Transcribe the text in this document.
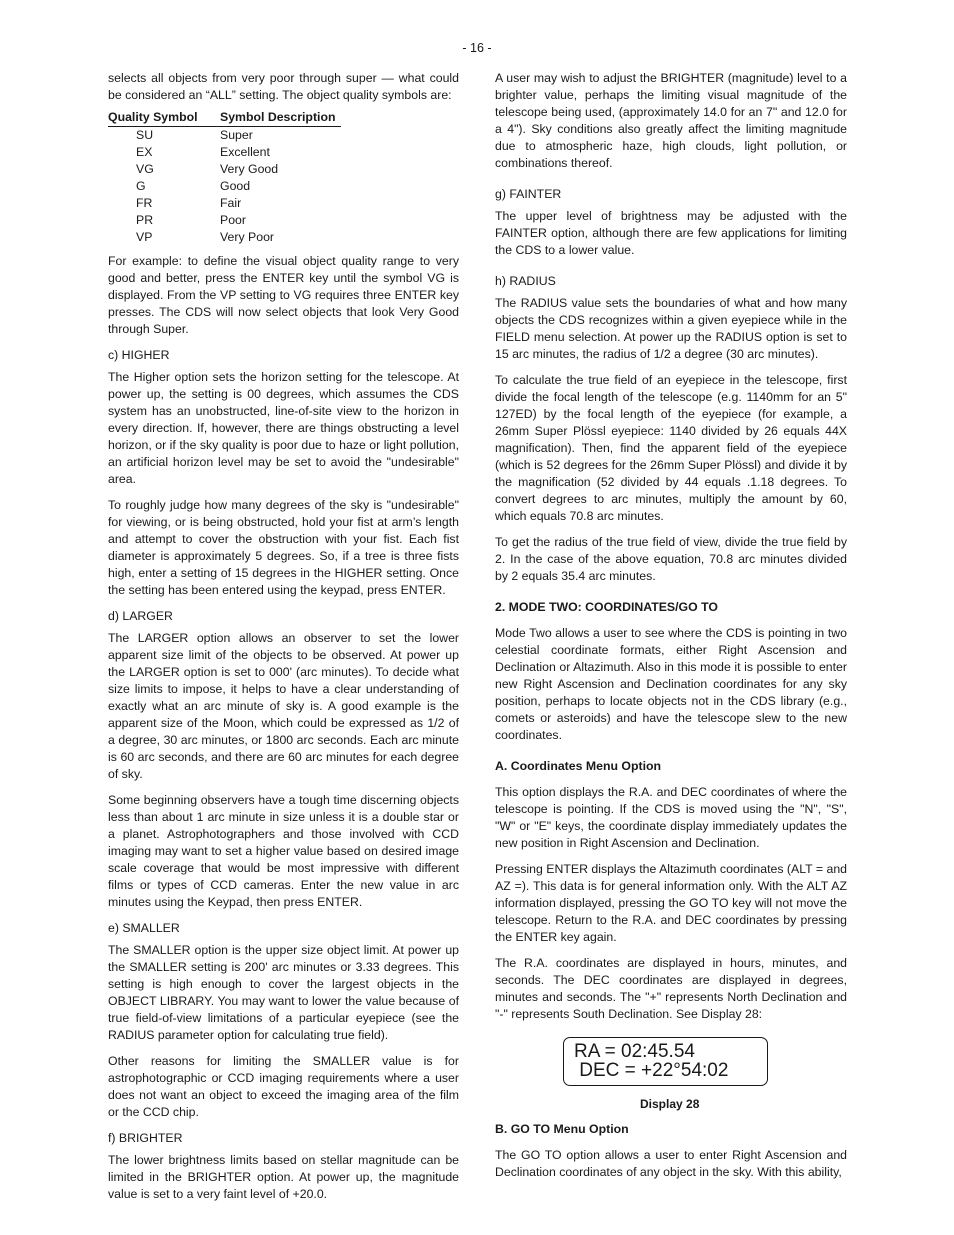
- 16 -

selects all objects from very poor through super — what could be considered an “ALL” setting. The object quality symbols are:

Quality Symbol	Symbol Description
SU	Super
EX	Excellent
VG	Very Good
G	Good
FR	Fair
PR	Poor
VP	Very Poor

For example: to define the visual object quality range to very good and better, press the ENTER key until the symbol VG is displayed. From the VP setting to VG requires three ENTER key presses. The CDS will now select objects that look Very Good through Super.

c) HIGHER

The Higher option sets the horizon setting for the telescope. At power up, the setting is 00 degrees, which assumes the CDS system has an unobstructed, line-of-site view to the horizon in every direction. If, however, there are things obstructing a level horizon, or if the sky quality is poor due to haze or light pollution, an artificial horizon level may be set to avoid the "undesirable" area.

To roughly judge how many degrees of the sky is "undesirable" for viewing, or is being obstructed, hold your fist at arm’s length and attempt to cover the obstruction with your fist. Each fist diameter is approximately 5 degrees. So, if a tree is three fists high, enter a setting of 15 degrees in the HIGHER setting. Once the setting has been entered using the keypad, press ENTER.

d) LARGER

The LARGER option allows an observer to set the lower apparent size limit of the objects to be observed. At power up the LARGER option is set to 000' (arc minutes). To decide what size limits to impose, it helps to have a clear understanding of exactly what an arc minute of sky is. A good example is the apparent size of the Moon, which could be expressed as 1/2 of a degree, 30 arc minutes, or 1800 arc seconds. Each arc minute is 60 arc seconds, and there are 60 arc minutes for each degree of sky.

Some beginning observers have a tough time discerning objects less than about 1 arc minute in size unless it is a double star or a planet. Astrophotographers and those involved with CCD imaging may want to set a higher value based on desired image scale coverage that would be most impressive with different films or types of CCD cameras. Enter the new value in arc minutes using the Keypad, then press ENTER.

e) SMALLER

The SMALLER option is the upper size object limit. At power up the SMALLER setting is 200' arc minutes or 3.33 degrees. This setting is high enough to cover the largest objects in the OBJECT LIBRARY. You may want to lower the value because of true field-of-view limitations of a particular eyepiece (see the RADIUS parameter option for calculating true field).

Other reasons for limiting the SMALLER value is for astrophotographic or CCD imaging requirements where a user does not want an object to exceed the imaging area of the film or the CCD chip.

f) BRIGHTER

The lower brightness limits based on stellar magnitude can be limited in the BRIGHTER option. At power up, the magnitude value is set to a very faint level of +20.0.

A user may wish to adjust the BRIGHTER (magnitude) level to a brighter value, perhaps the limiting visual magnitude of the telescope being used, (approximately 14.0 for an 7" and 12.0 for a 4"). Sky conditions also greatly affect the limiting magnitude due to atmospheric haze, high clouds, light pollution, or combinations thereof.

g) FAINTER

The upper level of brightness may be adjusted with the FAINTER option, although there are few applications for limiting the CDS to a lower value.

h) RADIUS

The RADIUS value sets the boundaries of what and how many objects the CDS recognizes within a given eyepiece while in the FIELD menu selection. At power up the RADIUS option is set to 15 arc minutes, the radius of 1/2 a degree (30 arc minutes).

To calculate the true field of an eyepiece in the telescope, first divide the focal length of the telescope (e.g. 1140mm for an 5" 127ED) by the focal length of the eyepiece (for example, a 26mm Super Plössl eyepiece: 1140 divided by 26 equals 44X magnification). Then, find the apparent field of the eyepiece (which is 52 degrees for the 26mm Super Plössl) and divide it by the magnification (52 divided by 44 equals .1.18 degrees. To convert degrees to arc minutes, multiply the amount by 60, which equals 70.8 arc minutes.

To get the radius of the true field of view, divide the true field by 2. In the case of the above equation, 70.8 arc minutes divided by 2 equals 35.4 arc minutes.

2. MODE TWO: COORDINATES/GO TO

Mode Two allows a user to see where the CDS is pointing in two celestial coordinate formats, either Right Ascension and Declination or Altazimuth. Also in this mode it is possible to enter new Right Ascension and Declination coordinates for any sky position, perhaps to locate objects not in the CDS library (e.g., comets or asteroids) and have the telescope slew to the new coordinates.

A. Coordinates Menu Option

This option displays the R.A. and DEC coordinates of where the telescope is pointing. If the CDS is moved using the "N", "S", "W" or "E" keys, the coordinate display immediately updates the new position in Right Ascension and Declination.

Pressing ENTER displays the Altazimuth coordinates (ALT = and AZ =). This data is for general information only. With the ALT AZ information displayed, pressing the GO TO key will not move the telescope. Return to the R.A. and DEC coordinates by pressing the ENTER key again.

The R.A. coordinates are displayed in hours, minutes, and seconds. The DEC coordinates are displayed in degrees, minutes and seconds. The "+" represents North Declination and "-" represents South Declination. See Display 28:

RA = 02:45.54
DEC = +22°54:02
Display 28

B. GO TO Menu Option

The GO TO option allows a user to enter Right Ascension and Declination coordinates of any object in the sky. With this ability,
